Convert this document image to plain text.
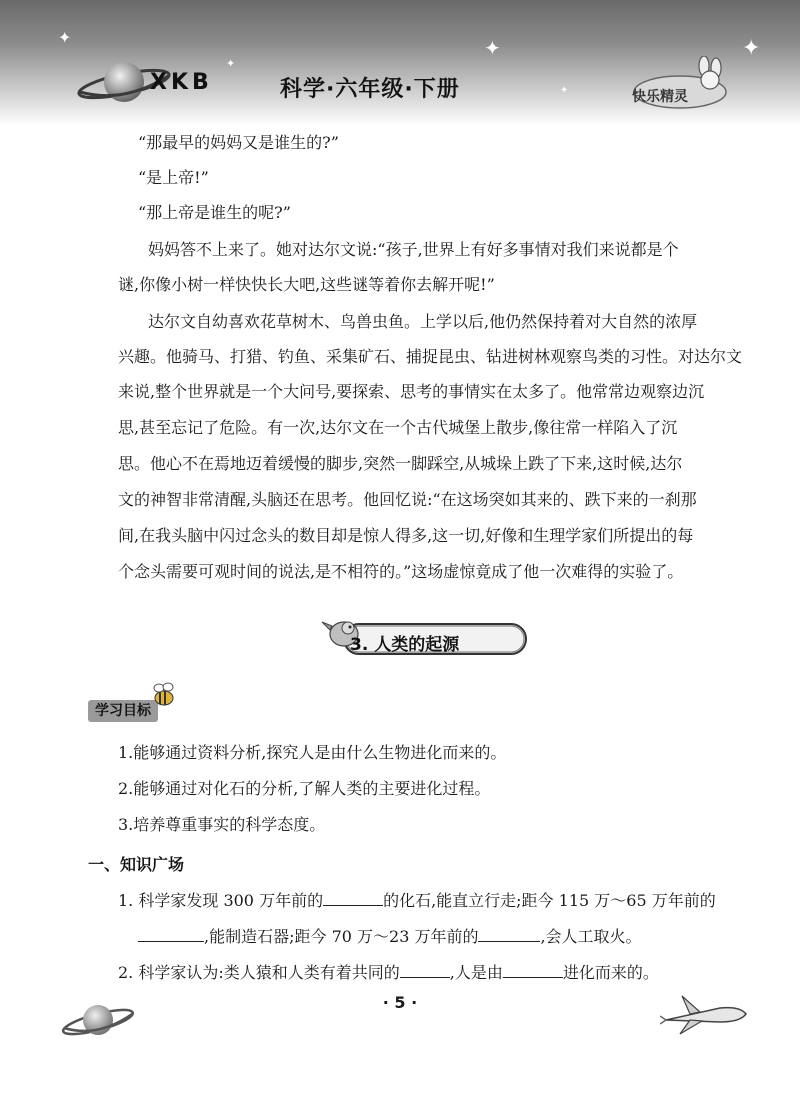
✦	✦	✦
✦
✦
XKB	科学·六年级·下册	快乐精灵

“那最早的妈妈又是谁生的?”

“是上帝!”

“那上帝是谁生的呢?”

妈妈答不上来了。她对达尔文说:“孩子,世界上有好多事情对我们来说都是个

谜,你像小树一样快快长大吧,这些谜等着你去解开呢!”

达尔文自幼喜欢花草树木、鸟兽虫鱼。上学以后,他仍然保持着对大自然的浓厚

兴趣。他骑马、打猎、钓鱼、采集矿石、捕捉昆虫、钻进树林观察鸟类的习性。对达尔文

来说,整个世界就是一个大问号,要探索、思考的事情实在太多了。他常常边观察边沉

思,甚至忘记了危险。有一次,达尔文在一个古代城堡上散步,像往常一样陷入了沉

思。他心不在焉地迈着缓慢的脚步,突然一脚踩空,从城垛上跌了下来,这时候,达尔

文的神智非常清醒,头脑还在思考。他回忆说:“在这场突如其来的、跌下来的一刹那

间,在我头脑中闪过念头的数目却是惊人得多,这一切,好像和生理学家们所提出的每

个念头需要可观时间的说法,是不相符的。”这场虚惊竟成了他一次难得的实验了。

3. 人类的起源
学习目标

1.能够通过资料分析,探究人是由什么生物进化而来的。

2.能够通过对化石的分析,了解人类的主要进化过程。

3.培养尊重事实的科学态度。

一、知识广场

1. 科学家发现 300 万年前的	的化石,能直立行走;距今 115 万～65 万年前的

,能制造石器;距今 70 万～23 万年前的	,会人工取火。

2. 科学家认为:类人猿和人类有着共同的	,人是由	进化而来的。

· 5 ·
